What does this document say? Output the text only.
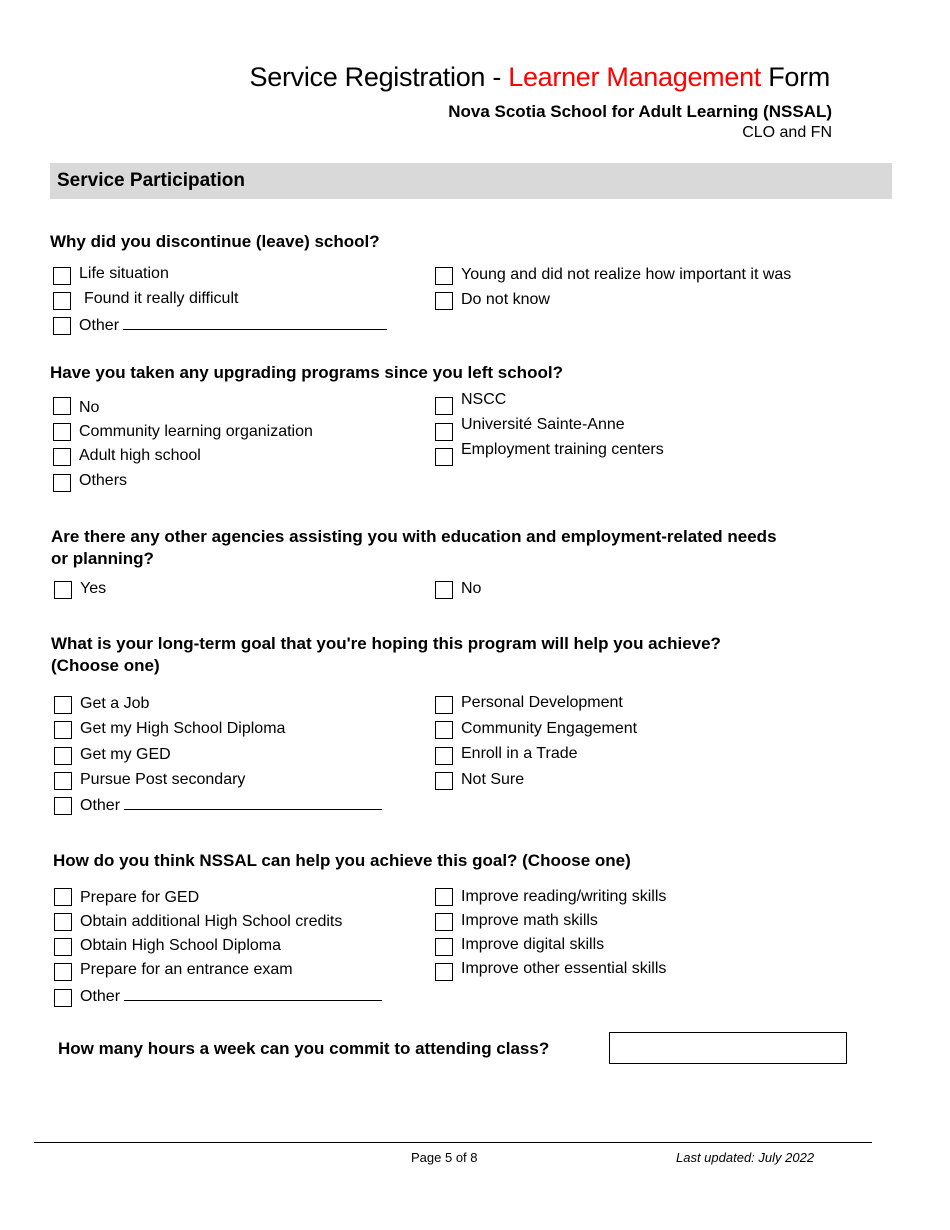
Service Registration - Learner Management Form
Nova Scotia School for Adult Learning (NSSAL)
CLO and FN
Service Participation
Why did you discontinue (leave) school?
Life situation
Found it really difficult
Other
Young and did not realize how important it was
Do not know
Have you taken any upgrading programs since you left school?
No
Community learning organization
Adult high school
Others
NSCC
Université Sainte-Anne
Employment training centers
Are there any other agencies assisting you with education and employment-related needs
or planning?
Yes	No
What is your long-term goal that you're hoping this program will help you achieve?
(Choose one)
Get a Job
Get my High School Diploma
Get my GED
Pursue Post secondary
Other
Personal Development
Community Engagement
Enroll in a Trade
Not Sure
How do you think NSSAL can help you achieve this goal? (Choose one)
Prepare for GED
Obtain additional High School credits
Obtain High School Diploma
Prepare for an entrance exam
Other
Improve reading/writing skills
Improve math skills
Improve digital skills
Improve other essential skills
How many hours a week can you commit to attending class?
Page 5 of 8	Last updated: July 2022
